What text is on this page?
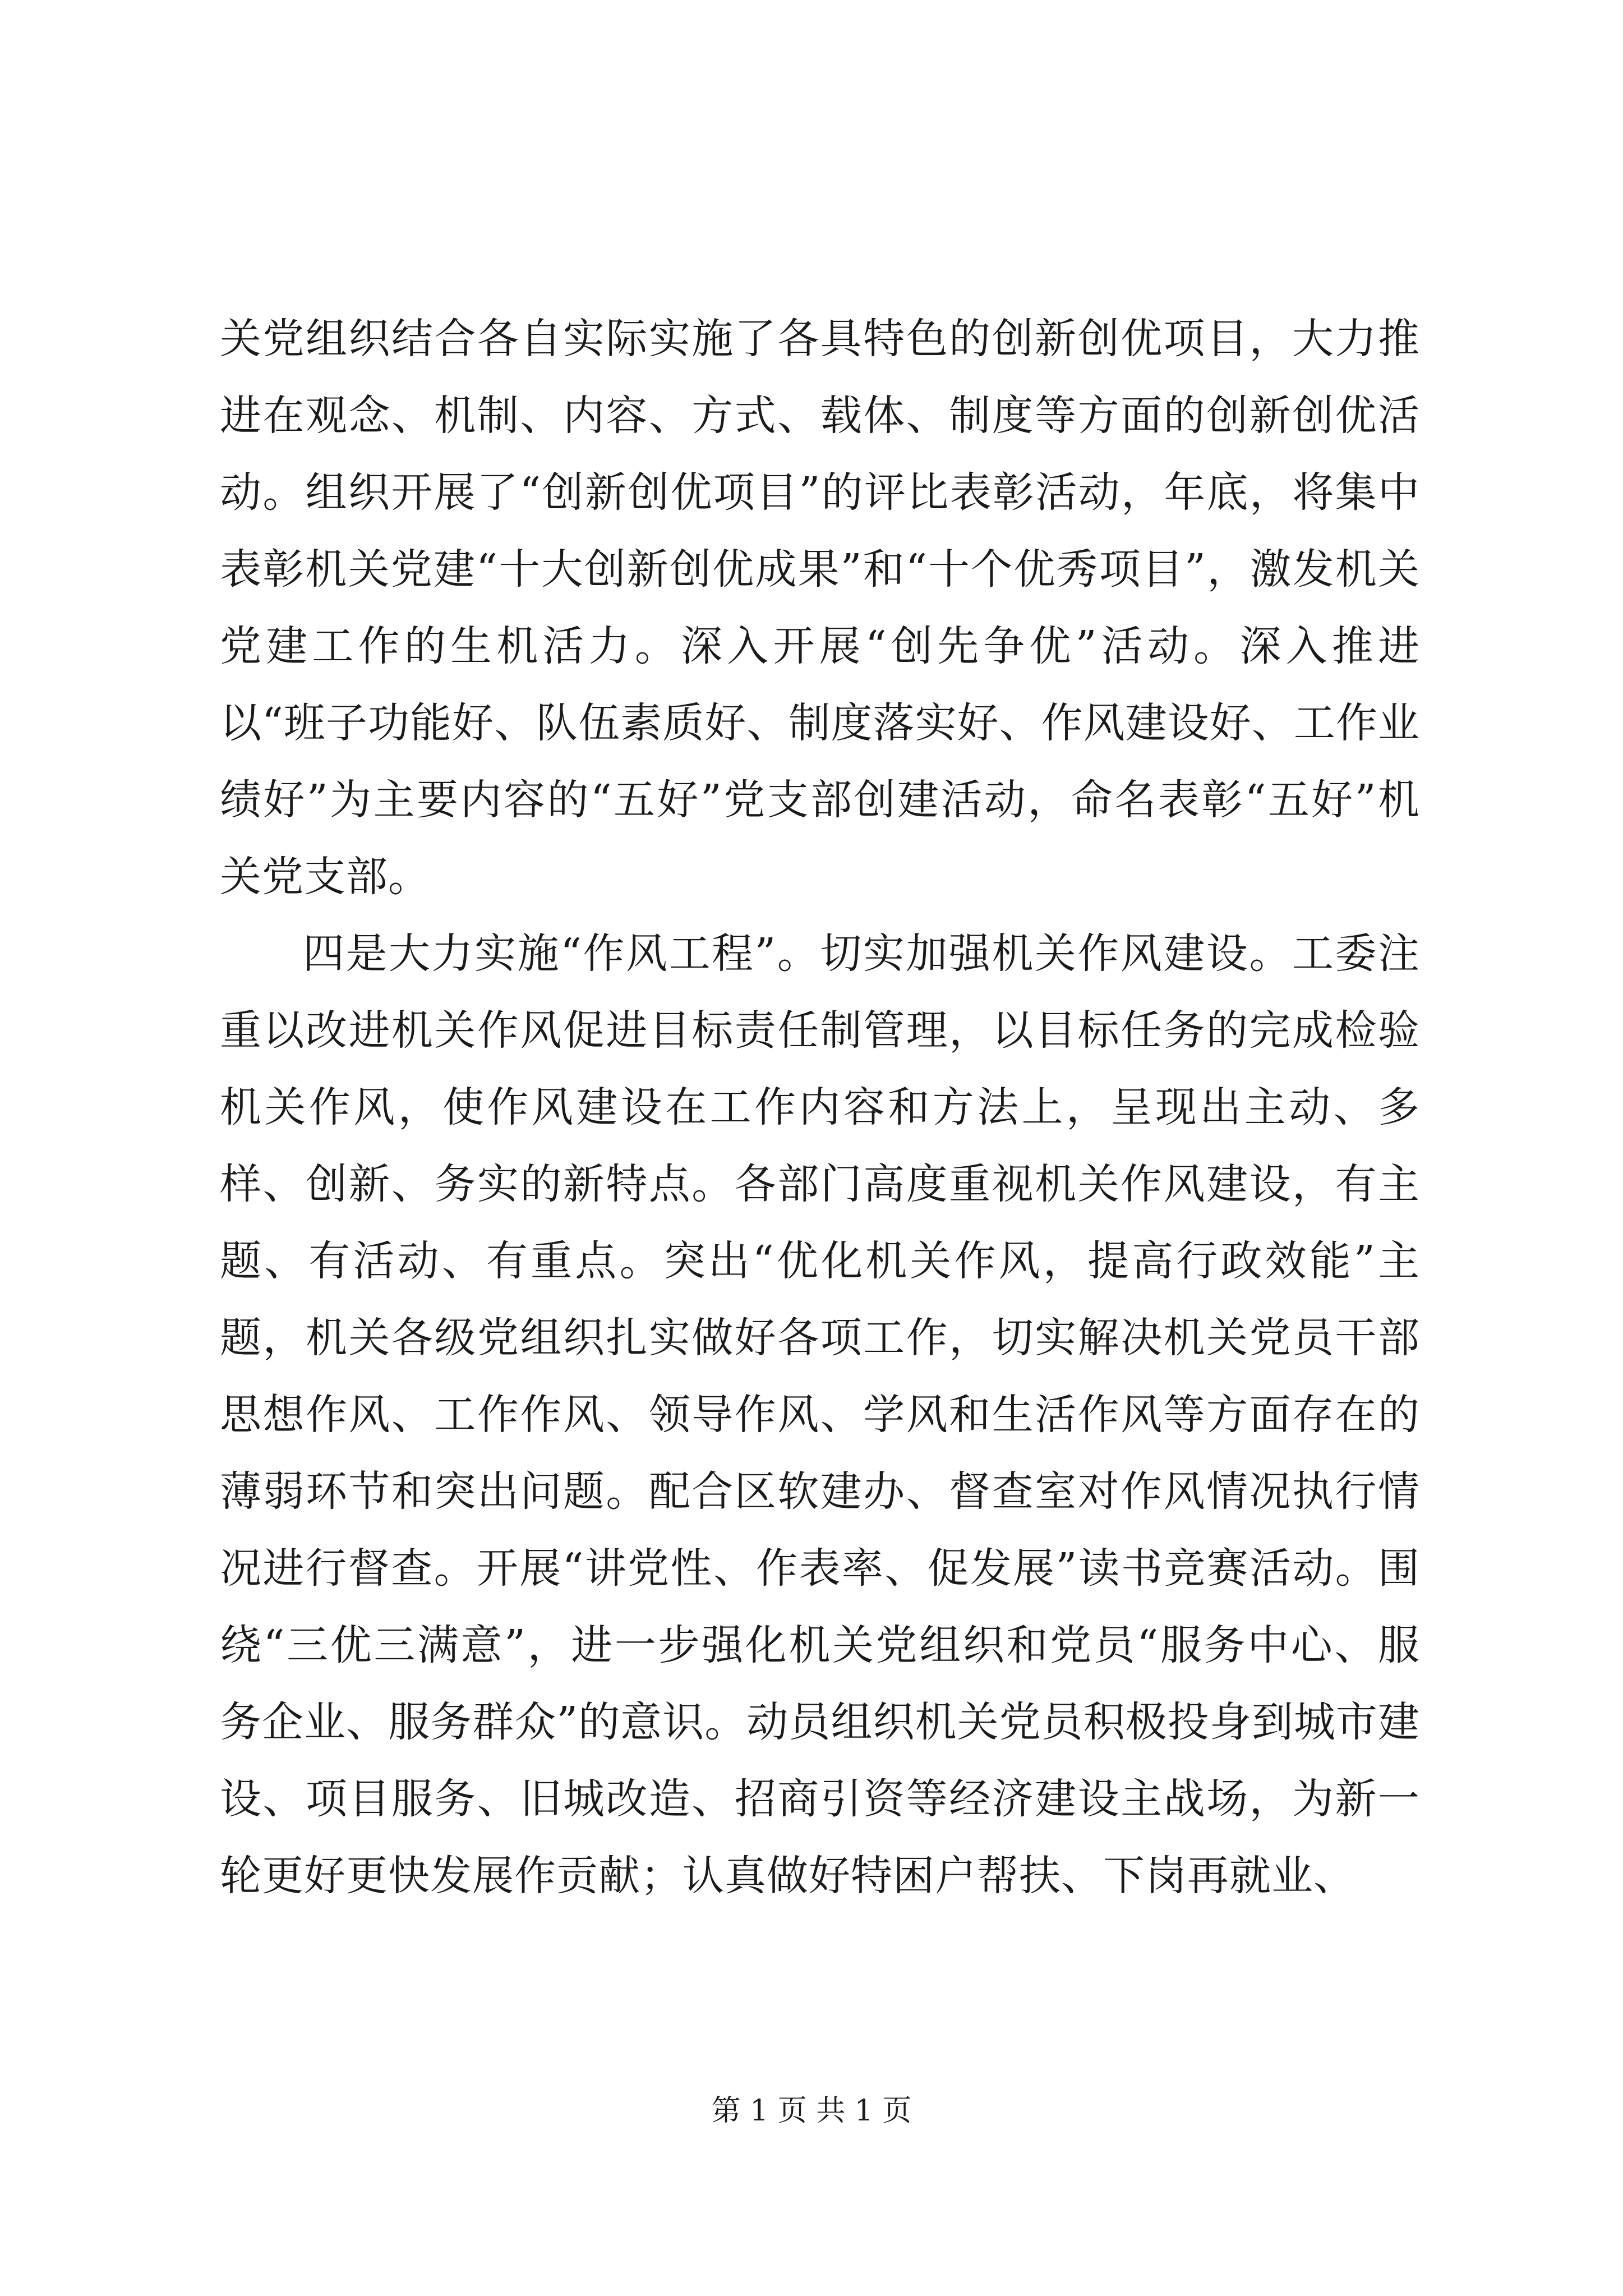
关党组织结合各自实际实施了各具特色的创新创优项目，大力推进在观念、机制、内容、方式、载体、制度等方面的创新创优活动。组织开展了“创新创优项目”的评比表彰活动，年底，将集中表彰机关党建“十大创新创优成果”和“十个优秀项目”，激发机关党建工作的生机活力。深入开展“创先争优”活动。深入推进以“班子功能好、队伍素质好、制度落实好、作风建设好、工作业绩好”为主要内容的“五好”党支部创建活动，命名表彰“五好”机关党支部。

四是大力实施“作风工程”。切实加强机关作风建设。工委注重以改进机关作风促进目标责任制管理，以目标任务的完成检验机关作风，使作风建设在工作内容和方法上，呈现出主动、多样、创新、务实的新特点。各部门高度重视机关作风建设，有主题、有活动、有重点。突出“优化机关作风，提高行政效能”主题，机关各级党组织扎实做好各项工作，切实解决机关党员干部思想作风、工作作风、领导作风、学风和生活作风等方面存在的薄弱环节和突出问题。配合区软建办、督查室对作风情况执行情况进行督查。开展“讲党性、作表率、促发展”读书竞赛活动。围绕“三优三满意”，进一步强化机关党组织和党员“服务中心、服务企业、服务群众”的意识。动员组织机关党员积极投身到城市建设、项目服务、旧城改造、招商引资等经济建设主战场，为新一轮更好更快发展作贡献；认真做好特困户帮扶、下岗再就业、

第 1 页 共 1 页
